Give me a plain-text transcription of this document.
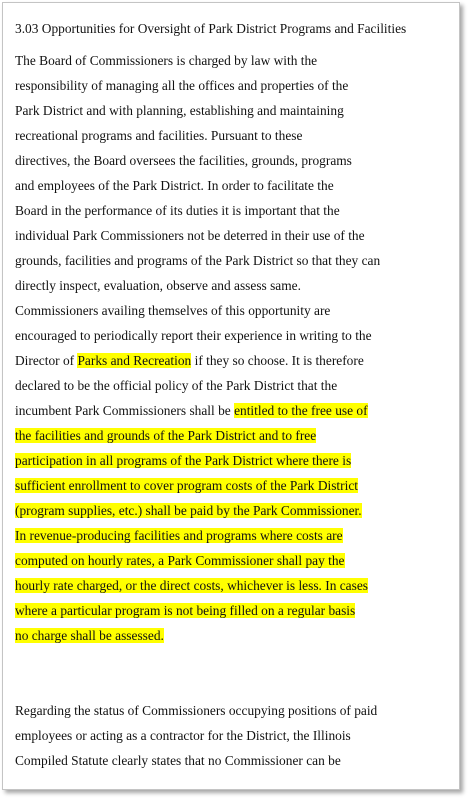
3.03 Opportunities for Oversight of Park District Programs and Facilities
The Board of Commissioners is charged by law with the
responsibility of managing all the offices and properties of the
Park District and with planning, establishing and maintaining
recreational programs and facilities. Pursuant to these
directives, the Board oversees the facilities, grounds, programs
and employees of the Park District. In order to facilitate the
Board in the performance of its duties it is important that the
individual Park Commissioners not be deterred in their use of the
grounds, facilities and programs of the Park District so that they can
directly inspect, evaluation, observe and assess same.
Commissioners availing themselves of this opportunity are
encouraged to periodically report their experience in writing to the
Director of Parks and Recreation if they so choose. It is therefore
declared to be the official policy of the Park District that the
incumbent Park Commissioners shall be entitled to the free use of
the facilities and grounds of the Park District and to free
participation in all programs of the Park District where there is
sufficient enrollment to cover program costs of the Park District
(program supplies, etc.) shall be paid by the Park Commissioner.
In revenue-producing facilities and programs where costs are
computed on hourly rates, a Park Commissioner shall pay the
hourly rate charged, or the direct costs, whichever is less. In cases
where a particular program is not being filled on a regular basis
no charge shall be assessed.
Regarding the status of Commissioners occupying positions of paid
employees or acting as a contractor for the District, the Illinois
Compiled Statute clearly states that no Commissioner can be
